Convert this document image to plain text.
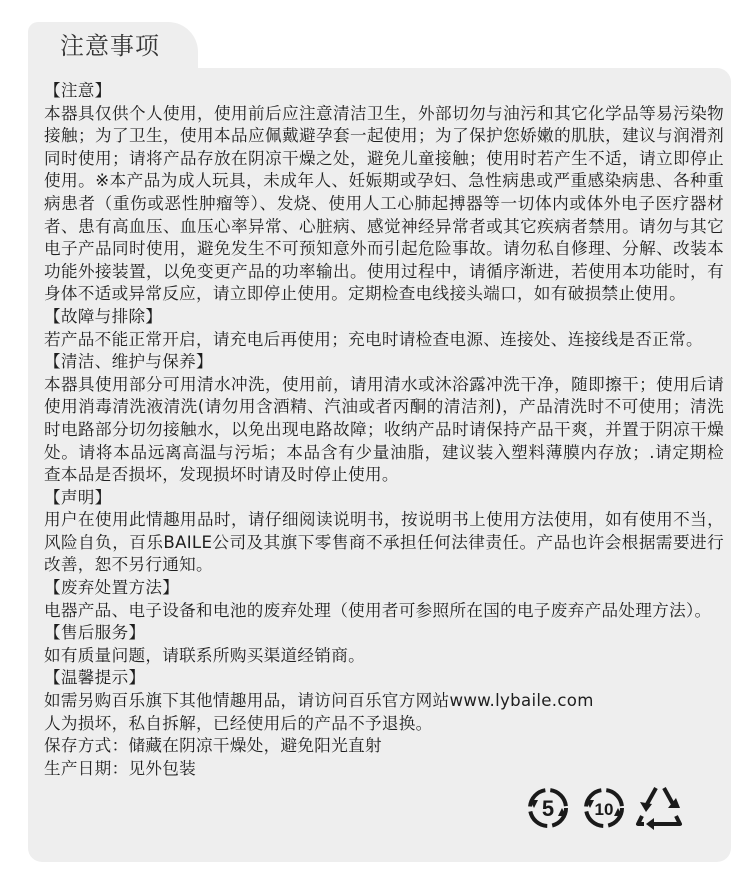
注意事项

【注意】

本器具仅供个人使用，使用前后应注意清洁卫生，外部切勿与油污和其它化学品等易污染物接触；为了卫生，使用本品应佩戴避孕套一起使用；为了保护您娇嫩的肌肤，建议与润滑剂同时使用；请将产品存放在阴凉干燥之处，避免儿童接触；使用时若产生不适，请立即停止使用。※本产品为成人玩具，未成年人、妊娠期或孕妇、急性病患或严重感染病患、各种重病患者（重伤或恶性肿瘤等）、发烧、使用人工心肺起搏器等一切体内或体外电子医疗器材者、患有高血压、血压心率异常、心脏病、感觉神经异常者或其它疾病者禁用。请勿与其它电子产品同时使用，避免发生不可预知意外而引起危险事故。请勿私自修理、分解、改装本功能外接装置，以免变更产品的功率输出。使用过程中，请循序渐进，若使用本功能时，有身体不适或异常反应，请立即停止使用。定期检查电线接头端口，如有破损禁止使用。

【故障与排除】

若产品不能正常开启，请充电后再使用；充电时请检查电源、连接处、连接线是否正常。

【清洁、维护与保养】

本器具使用部分可用清水冲洗，使用前，请用清水或沐浴露冲洗干净，随即擦干；使用后请使用消毒清洗液清洗(请勿用含酒精、汽油或者丙酮的清洁剂)，产品清洗时不可使用；清洗时电路部分切勿接触水，以免出现电路故障；收纳产品时请保持产品干爽，并置于阴凉干燥处。请将本品远离高温与污垢；本品含有少量油脂，建议装入塑料薄膜内存放；.请定期检查本品是否损坏，发现损坏时请及时停止使用。

【声明】

用户在使用此情趣用品时，请仔细阅读说明书，按说明书上使用方法使用，如有使用不当，风险自负，百乐BAILE公司及其旗下零售商不承担任何法律责任。产品也许会根据需要进行改善，恕不另行通知。

【废弃处置方法】

电器产品、电子设备和电池的废弃处理（使用者可参照所在国的电子废弃产品处理方法）。

【售后服务】

如有质量问题，请联系所购买渠道经销商。

【温馨提示】

如需另购百乐旗下其他情趣用品，请访问百乐官方网站www.lybaile.com

人为损坏，私自拆解，已经使用后的产品不予退换。

保存方式：储藏在阴凉干燥处，避免阳光直射

生产日期：见外包装

5 10
